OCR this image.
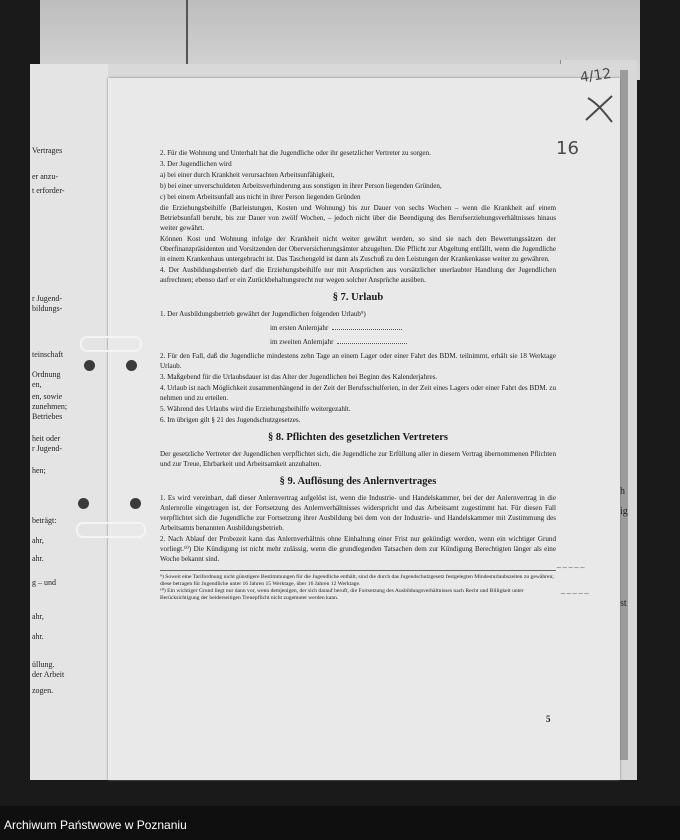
Vertrages
er anzu-
t erforder-
r Jugend-
bildungs-
teinschaft
Ordnung
en,
en, sowie
zunehmen;
Betriebes
heit oder
r Jugend-
hen;
beträgt:
ahr,
ahr.
g – und
ahr,
ahr.
üllung.
der Arbeit
zogen.
h
ig
st
4/12
16
~~~~~
~~~~~

2. Für die Wohnung und Unterhalt hat die Jugendliche oder ihr gesetzlicher Vertreter zu sorgen.

3. Der Jugendlichen wird

a) bei einer durch Krankheit verursachten Arbeitsunfähigkeit,

b) bei einer unverschuldeten Arbeitsverhinderung aus sonstigen in ihrer Person liegenden Gründen,

c) bei einem Arbeitsunfall aus nicht in ihrer Person liegenden Gründen

die Erziehungsbeihilfe (Barleistungen, Kosten und Wohnung) bis zur Dauer von sechs Wochen – wenn die Krankheit auf einem Betriebsunfall beruht, bis zur Dauer von zwölf Wochen, – jedoch nicht über die Beendigung des Berufserziehungsverhältnisses hinaus weiter gewährt.

Können Kost und Wohnung infolge der Krankheit nicht weiter gewährt werden, so sind sie nach den Bewertungssätzen der Oberfinanzpräsidenten und Vorsitzenden der Oberversicherungsämter abzugelten. Die Pflicht zur Abgeltung entfällt, wenn die Jugendliche in einem Krankenhaus untergebracht ist. Das Taschengeld ist dann als Zuschuß zu den Leistungen der Krankenkasse weiter zu gewähren.

4. Der Ausbildungsbetrieb darf die Erziehungsbeihilfe nur mit Ansprüchen aus vorsätzlicher unerlaubter Handlung der Jugendlichen aufrechnen; ebenso darf er ein Zurückbehaltungsrecht nur wegen solcher Ansprüche ausüben.

§ 7. Urlaub

1. Der Ausbildungsbetrieb gewährt der Jugendlichen folgenden Urlaub⁹)

im ersten Anlernjahr
im zweiten Anlernjahr

2. Für den Fall, daß die Jugendliche mindestens zehn Tage an einem Lager oder einer Fahrt des BDM. teilnimmt, erhält sie 18 Werktage Urlaub.

3. Maßgebend für die Urlaubsdauer ist das Alter der Jugendlichen bei Beginn des Kalenderjahres.

4. Urlaub ist nach Möglichkeit zusammenhängend in der Zeit der Berufsschulferien, in der Zeit eines Lagers oder einer Fahrt des BDM. zu nehmen und zu erteilen.

5. Während des Urlaubs wird die Erziehungsbeihilfe weitergezahlt.

6. Im übrigen gilt § 21 des Jugendschutzgesetzes.

§ 8. Pflichten des gesetzlichen Vertreters

Der gesetzliche Vertreter der Jugendlichen verpflichtet sich, die Jugendliche zur Erfüllung aller in diesem Vertrag übernommenen Pflichten und zur Treue, Ehrbarkeit und Arbeitsamkeit anzuhalten.

§ 9. Auflösung des Anlernvertrages

1. Es wird vereinbart, daß dieser Anlernvertrag aufgelöst ist, wenn die Industrie- und Handelskammer, bei der der Anlernvertrag in die Anlernrolle eingetragen ist, der Fortsetzung des Anlernverhältnisses widerspricht und das Arbeitsamt zugestimmt hat. Für diesen Fall verpflichtet sich die Jugendliche zur Fortsetzung ihrer Ausbildung bei dem von der Industrie- und Handelskammer mit Zustimmung des Arbeitsamts benannten Ausbildungsbetrieb.

2. Nach Ablauf der Probezeit kann das Anlernverhältnis ohne Einhaltung einer Frist nur gekündigt werden, wenn ein wichtiger Grund vorliegt.¹⁰) Die Kündigung ist nicht mehr zulässig, wenn die grundlegenden Tatsachen dem zur Kündigung Berechtigten länger als eine Woche bekannt sind.

⁹) Soweit eine Tarifordnung nicht günstigere Bestimmungen für die Jugendliche enthält, sind die durch das Jugendschutzgesetz festgelegten Mindesturlaubszeiten zu gewähren; diese betragen für Jugendliche unter 16 Jahren 15 Werktage, über 16 Jahren 12 Werktage.
¹⁰) Ein wichtiger Grund liegt nur dann vor, wenn demjenigen, der sich darauf beruft, die Fortsetzung des Ausbildungsverhältnisses nach Recht und Billigkeit unter Berücksichtigung der beiderseitigen Treuepflicht nicht zugemutet werden kann.
5
Archiwum Państwowe w Poznaniu
